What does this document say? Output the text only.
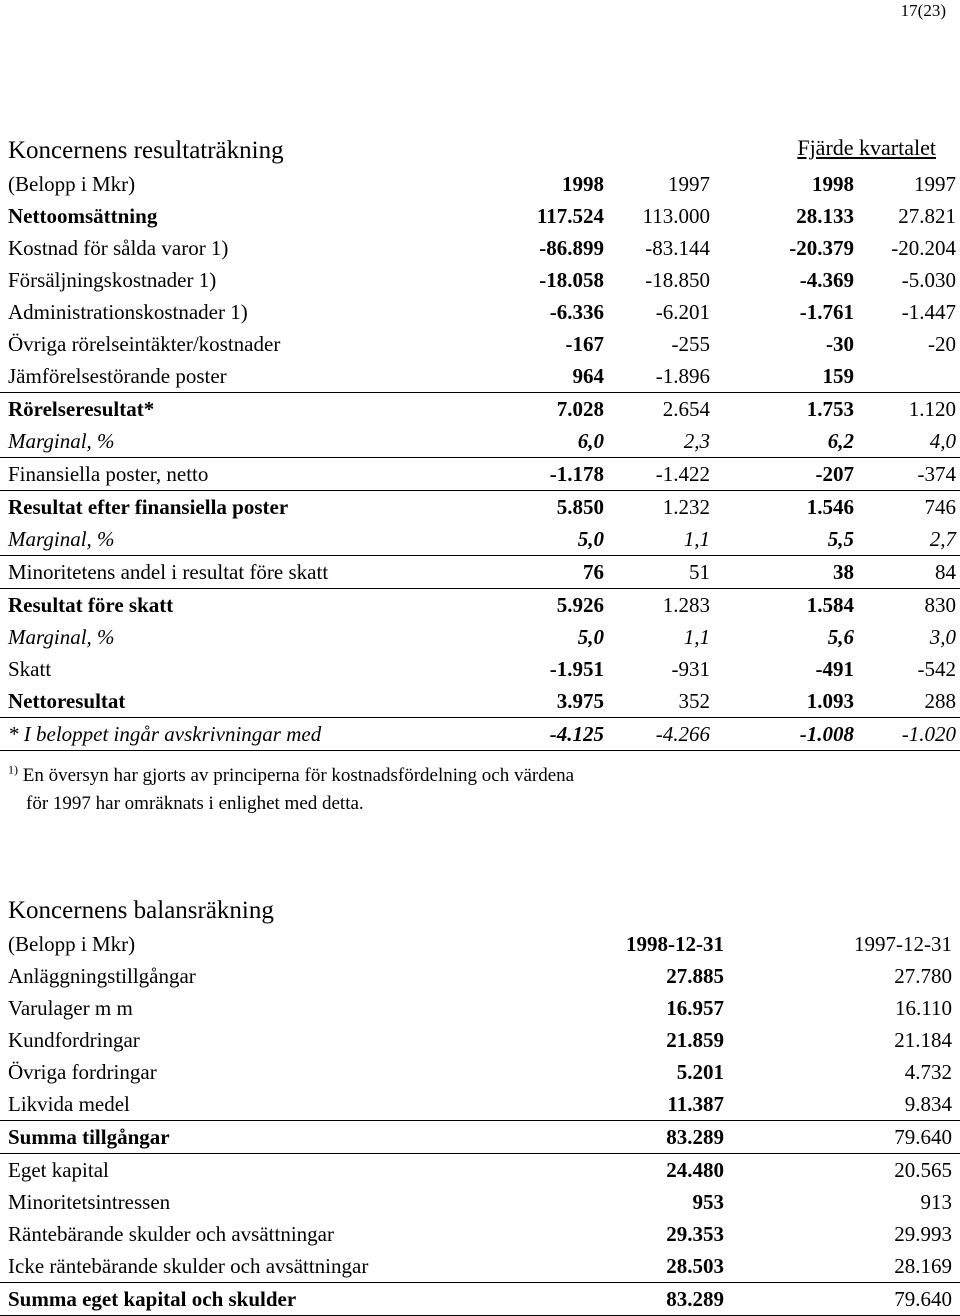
17(23)
Koncernens resultaträkning	Fjärde kvartalet
(Belopp i Mkr)	1998	1997	1998	1997
Nettoomsättning	117.524	113.000	28.133	27.821
Kostnad för sålda varor 1)	-86.899	-83.144	-20.379	-20.204
Försäljningskostnader 1)	-18.058	-18.850	-4.369	-5.030
Administrationskostnader 1)	-6.336	-6.201	-1.761	-1.447
Övriga rörelseintäkter/kostnader	-167	-255	-30	-20
Jämförelsestörande poster	964	-1.896	159
Rörelseresultat*	7.028	2.654	1.753	1.120
Marginal, %	6,0	2,3	6,2	4,0
Finansiella poster, netto	-1.178	-1.422	-207	-374
Resultat efter finansiella poster	5.850	1.232	1.546	746
Marginal, %	5,0	1,1	5,5	2,7
Minoritetens andel i resultat före skatt	76	51	38	84
Resultat före skatt	5.926	1.283	1.584	830
Marginal, %	5,0	1,1	5,6	3,0
Skatt	-1.951	-931	-491	-542
Nettoresultat	3.975	352	1.093	288
* I beloppet ingår avskrivningar med	-4.125	-4.266	-1.008	-1.020
$^{1)}$ En översyn har gjorts av principerna för kostnadsfördelning och värdena
för 1997 har omräknats i enlighet med detta.
Koncernens balansräkning
(Belopp i Mkr)	1998-12-31	1997-12-31
Anläggningstillgångar	27.885	27.780
Varulager m m	16.957	16.110
Kundfordringar	21.859	21.184
Övriga fordringar	5.201	4.732
Likvida medel	11.387	9.834
Summa tillgångar	83.289	79.640
Eget kapital	24.480	20.565
Minoritetsintressen	953	913
Räntebärande skulder och avsättningar	29.353	29.993
Icke räntebärande skulder och avsättningar	28.503	28.169
Summa eget kapital och skulder	83.289	79.640
